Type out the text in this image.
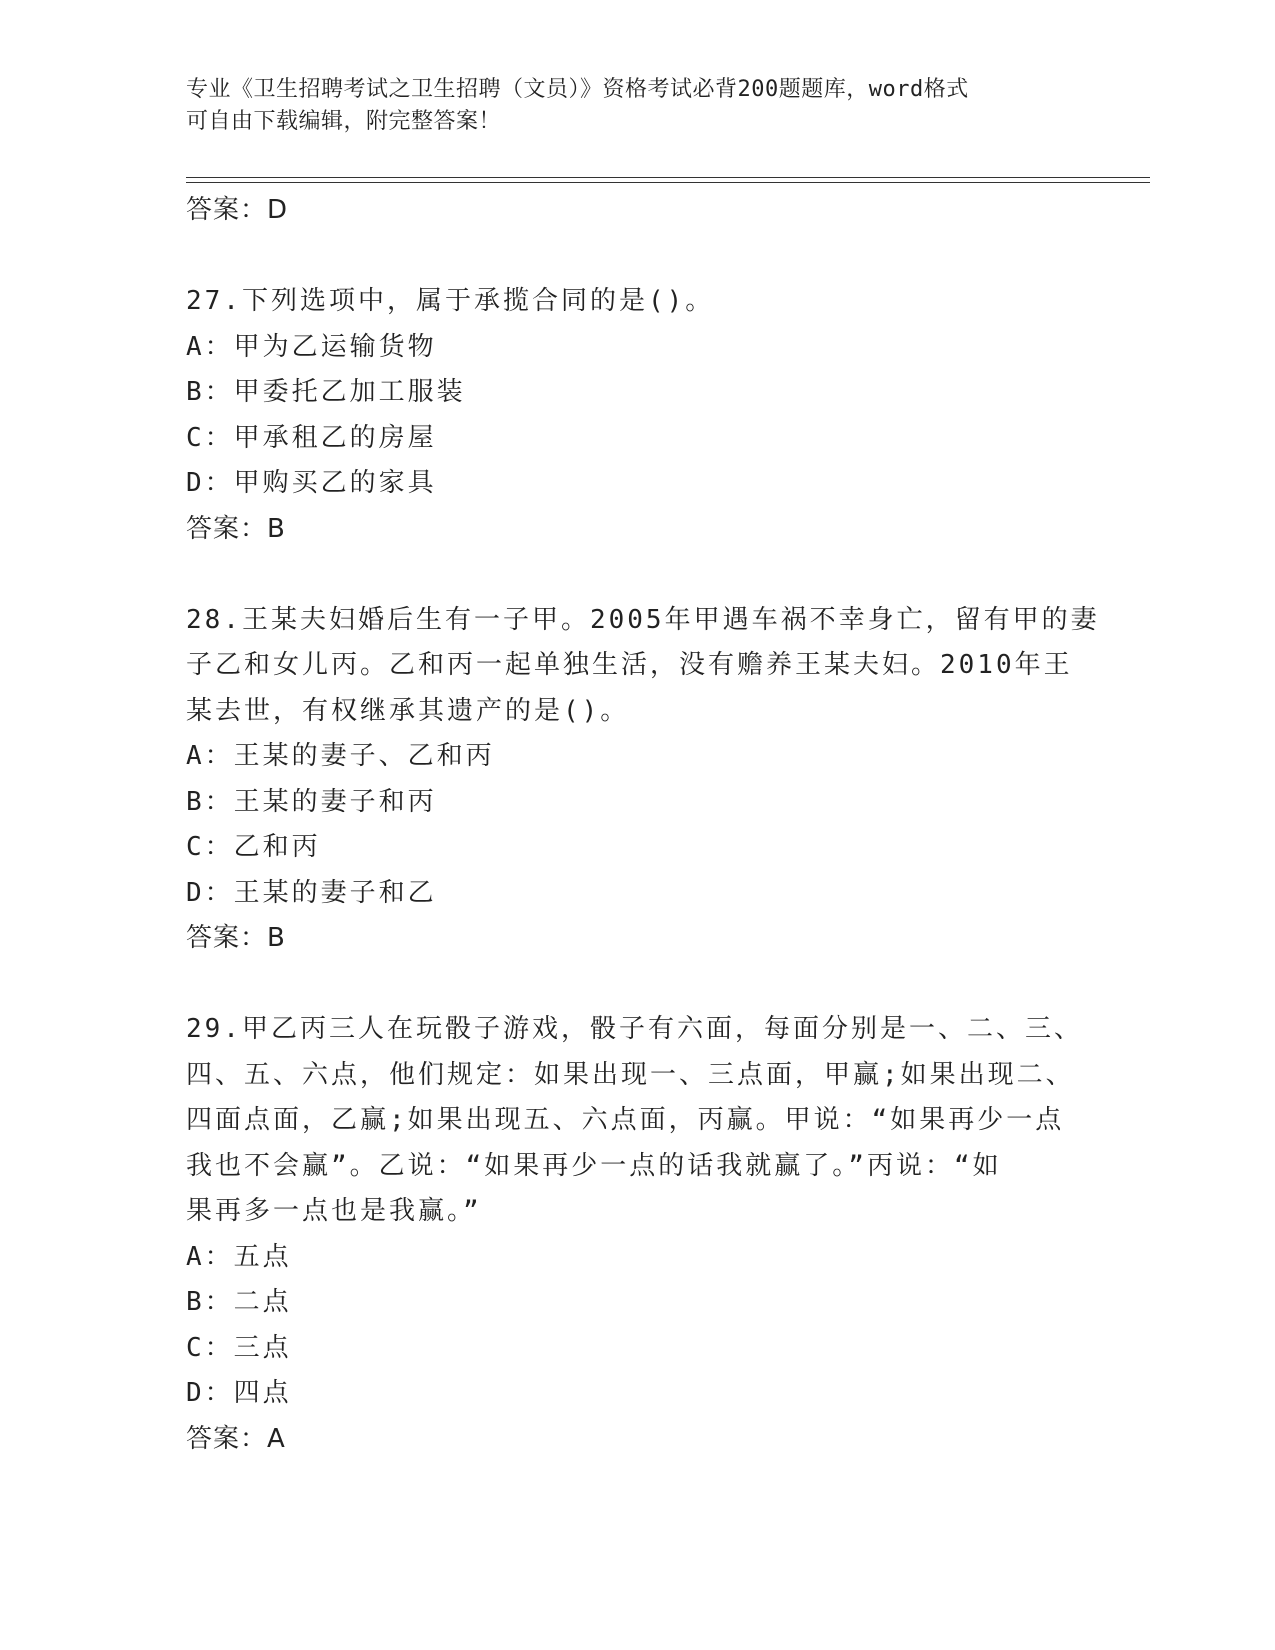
专业《卫生招聘考试之卫生招聘（文员）》资格考试必背200题题库，word格式
可自由下载编辑，附完整答案！
答案：D
27.下列选项中，属于承揽合同的是()。
A：甲为乙运输货物
B：甲委托乙加工服装
C：甲承租乙的房屋
D：甲购买乙的家具
答案：B
28.王某夫妇婚后生有一子甲。2005年甲遇车祸不幸身亡，留有甲的妻
子乙和女儿丙。乙和丙一起单独生活，没有赡养王某夫妇。2010年王
某去世，有权继承其遗产的是()。
A：王某的妻子、乙和丙
B：王某的妻子和丙
C：乙和丙
D：王某的妻子和乙
答案：B
29.甲乙丙三人在玩骰子游戏，骰子有六面，每面分别是一、二、三、
四、五、六点，他们规定：如果出现一、三点面，甲赢;如果出现二、
四面点面，乙赢;如果出现五、六点面，丙赢。甲说：“如果再少一点
我也不会赢”。乙说：“如果再少一点的话我就赢了。”丙说：“如
果再多一点也是我赢。”
A：五点
B：二点
C：三点
D：四点
答案：A
